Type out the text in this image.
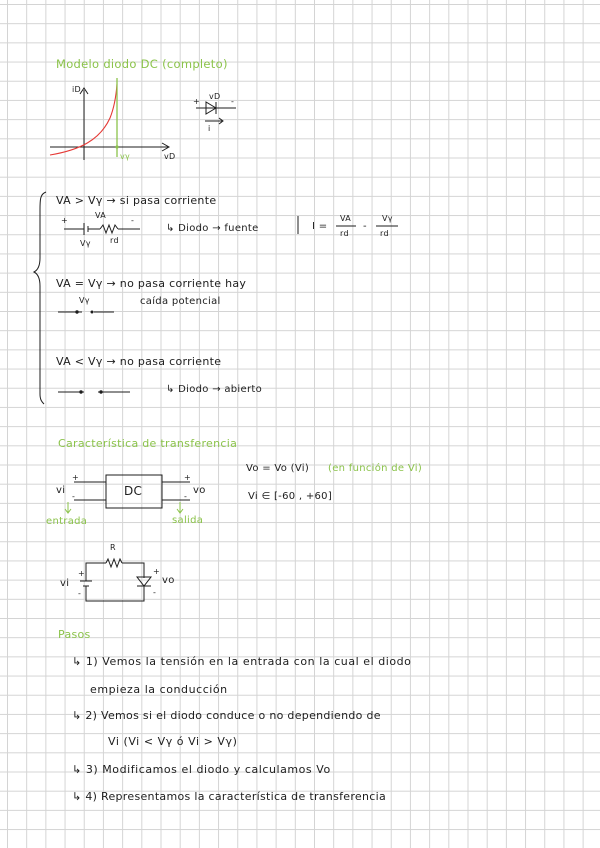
Modelo diodo DC (completo)
iD
vD
vγ
vD
+	-
i
VA > Vγ → si pasa corriente
VA
+	-
Vγ rd
↳ Diodo → fuente	I =
VA
rd
-
Vγ
rd
VA = Vγ → no pasa corriente hay
Vγ	caída potencial
VA < Vγ → no pasa corriente
↳ Diodo → abierto
Característica de transferencia
DC
vi
+
-
vo
+
-
entrada	salida
Vo = Vo (Vi) (en función de Vi)
Vi ∈ [-60 , +60]
R
vi
+
-
vo
+
-
Pasos
↳ 1) Vemos la tensión en la entrada con la cual el diodo
empieza la conducción
↳ 2) Vemos si el diodo conduce o no dependiendo de
Vi (Vi < Vγ ó Vi > Vγ)
↳ 3) Modificamos el diodo y calculamos Vo
↳ 4) Representamos la característica de transferencia
